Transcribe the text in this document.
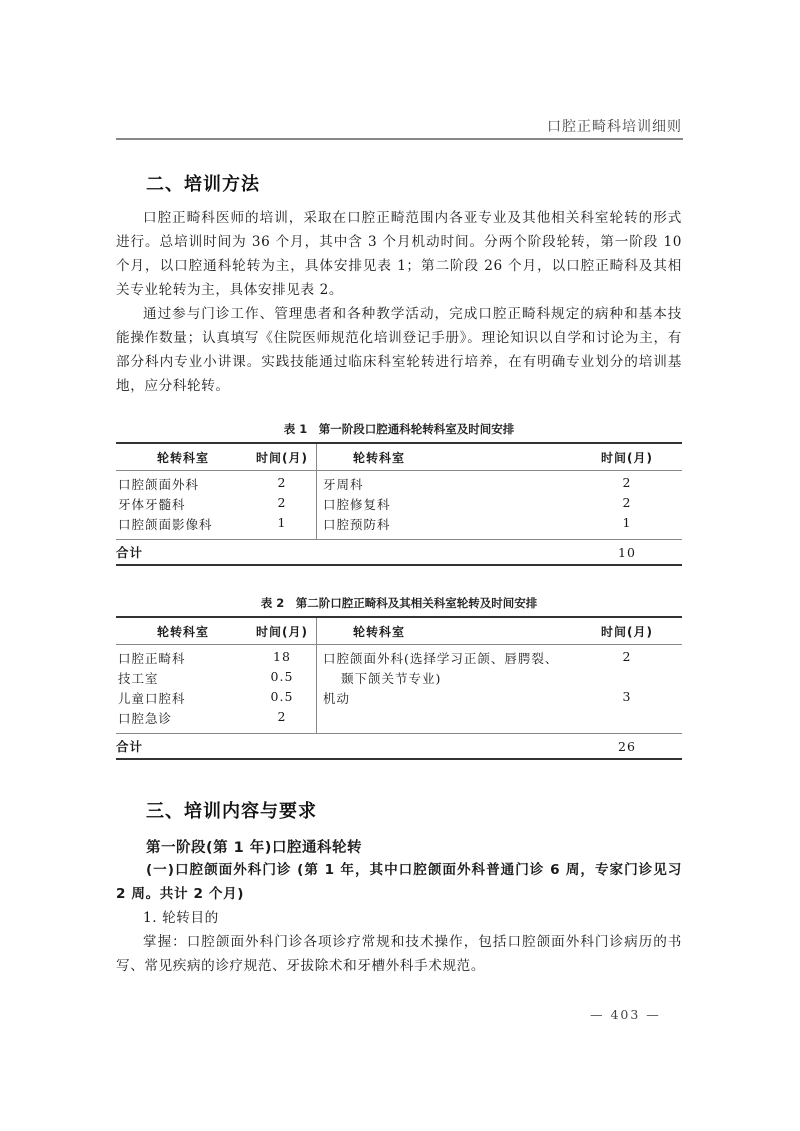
口腔正畸科培训细则
二、培训方法

口腔正畸科医师的培训，采取在口腔正畸范围内各亚专业及其他相关科室轮转的形式进行。总培训时间为 36 个月，其中含 3 个月机动时间。分两个阶段轮转，第一阶段 10 个月，以口腔通科轮转为主，具体安排见表 1；第二阶段 26 个月，以口腔正畸科及其相关专业轮转为主，具体安排见表 2。

通过参与门诊工作、管理患者和各种教学活动，完成口腔正畸科规定的病种和基本技能操作数量；认真填写《住院医师规范化培训登记手册》。理论知识以自学和讨论为主，有部分科内专业小讲课。实践技能通过临床科室轮转进行培养，在有明确专业划分的培训基地，应分科轮转。

表 1　第一阶段口腔通科轮转科室及时间安排
轮转科室	时间(月)	轮转科室	时间(月)
口腔颌面外科	2	牙周科	2
牙体牙髓科	2	口腔修复科	2
口腔颌面影像科	1	口腔预防科	1
合计			10
表 2　第二阶口腔正畸科及其相关科室轮转及时间安排
轮转科室	时间(月)	轮转科室	时间(月)
口腔正畸科	18	口腔颌面外科(选择学习正颌、唇腭裂、	2
技工室	0.5	颞下颌关节专业)	

儿童口腔科	0.5	机动	3
口腔急诊	2		
合计			26
三、培训内容与要求
第一阶段(第 1 年)口腔通科轮转

(一)口腔颌面外科门诊 (第 1 年，其中口腔颌面外科普通门诊 6 周，专家门诊见习 2 周。共计 2 个月)

1. 轮转目的

掌握：口腔颌面外科门诊各项诊疗常规和技术操作，包括口腔颌面外科门诊病历的书写、常见疾病的诊疗规范、牙拔除术和牙槽外科手术规范。

— 403 —
